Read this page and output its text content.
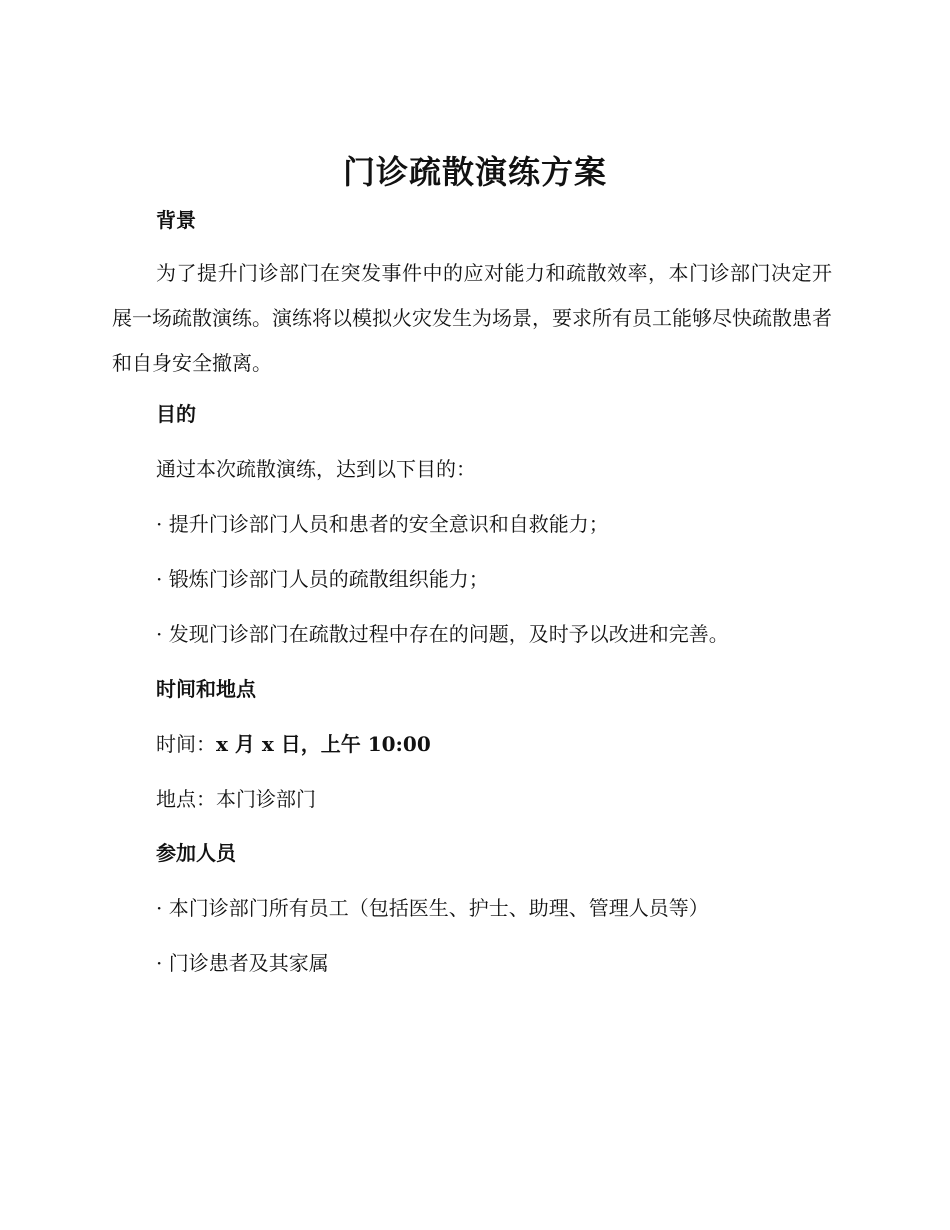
门诊疏散演练方案
背景
为了提升门诊部门在突发事件中的应对能力和疏散效率，本门诊部门决定开展一场疏散演练。演练将以模拟火灾发生为场景，要求所有员工能够尽快疏散患者和自身安全撤离。
目的
通过本次疏散演练，达到以下目的：
· 提升门诊部门人员和患者的安全意识和自救能力；
· 锻炼门诊部门人员的疏散组织能力；
· 发现门诊部门在疏散过程中存在的问题，及时予以改进和完善。
时间和地点
时间：x 月 x 日，上午 10:00
地点：本门诊部门
参加人员
· 本门诊部门所有员工（包括医生、护士、助理、管理人员等）
· 门诊患者及其家属
